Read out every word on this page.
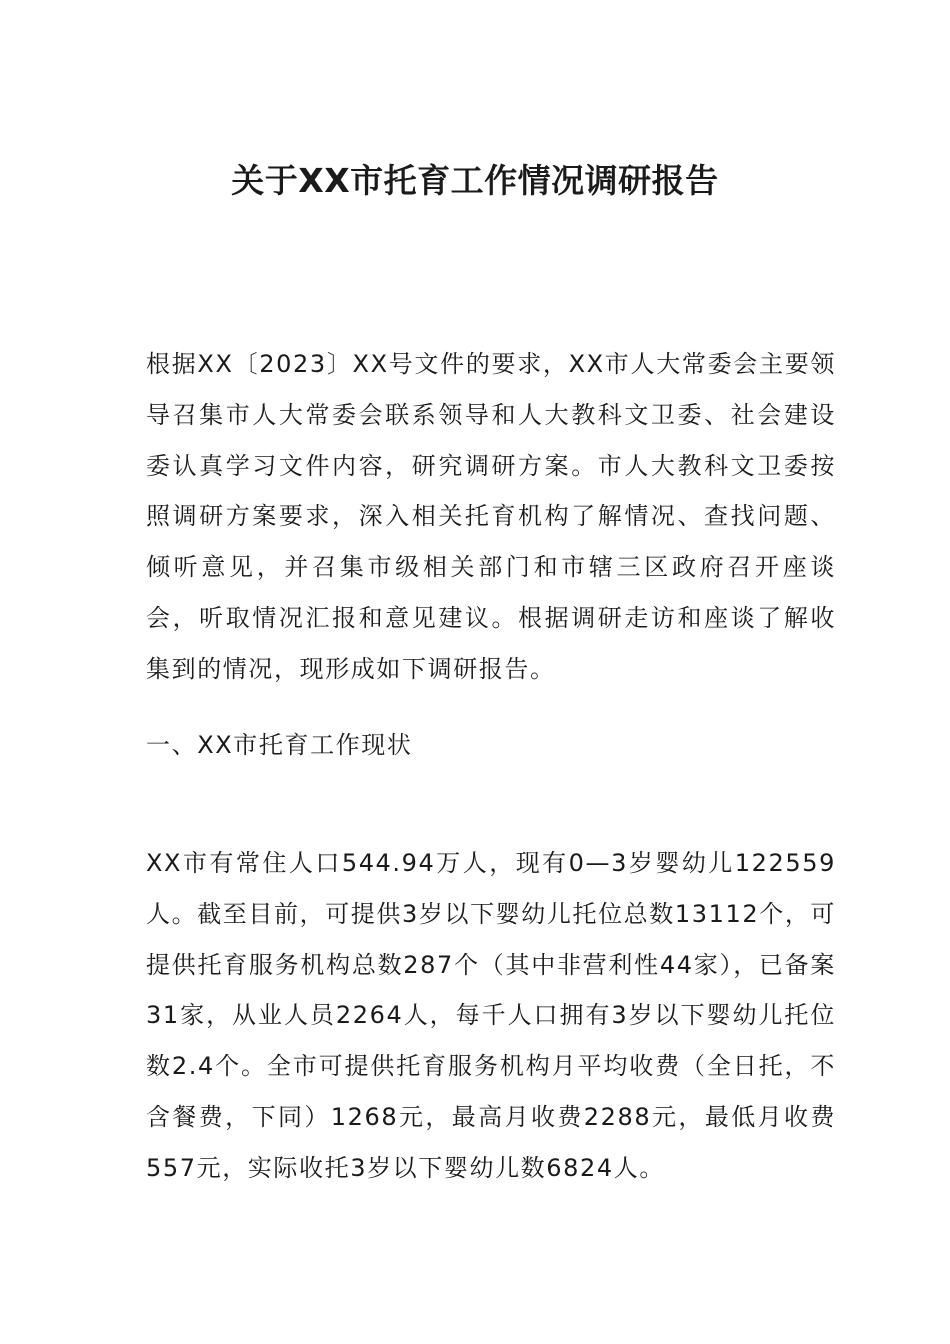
关于XX市托育工作情况调研报告

根据XX〔2023〕XX号文件的要求，XX市人大常委会主要领导召集市人大常委会联系领导和人大教科文卫委、社会建设委认真学习文件内容，研究调研方案。市人大教科文卫委按照调研方案要求，深入相关托育机构了解情况、查找问题、倾听意见，并召集市级相关部门和市辖三区政府召开座谈会，听取情况汇报和意见建议。根据调研走访和座谈了解收集到的情况，现形成如下调研报告。

一、XX市托育工作现状

XX市有常住人口544.94万人，现有0—3岁婴幼儿122559人。截至目前，可提供3岁以下婴幼儿托位总数13112个，可提供托育服务机构总数287个（其中非营利性44家），已备案31家，从业人员2264人，每千人口拥有3岁以下婴幼儿托位数2.4个。全市可提供托育服务机构月平均收费（全日托，不含餐费，下同）1268元，最高月收费2288元，最低月收费557元，实际收托3岁以下婴幼儿数6824人。
